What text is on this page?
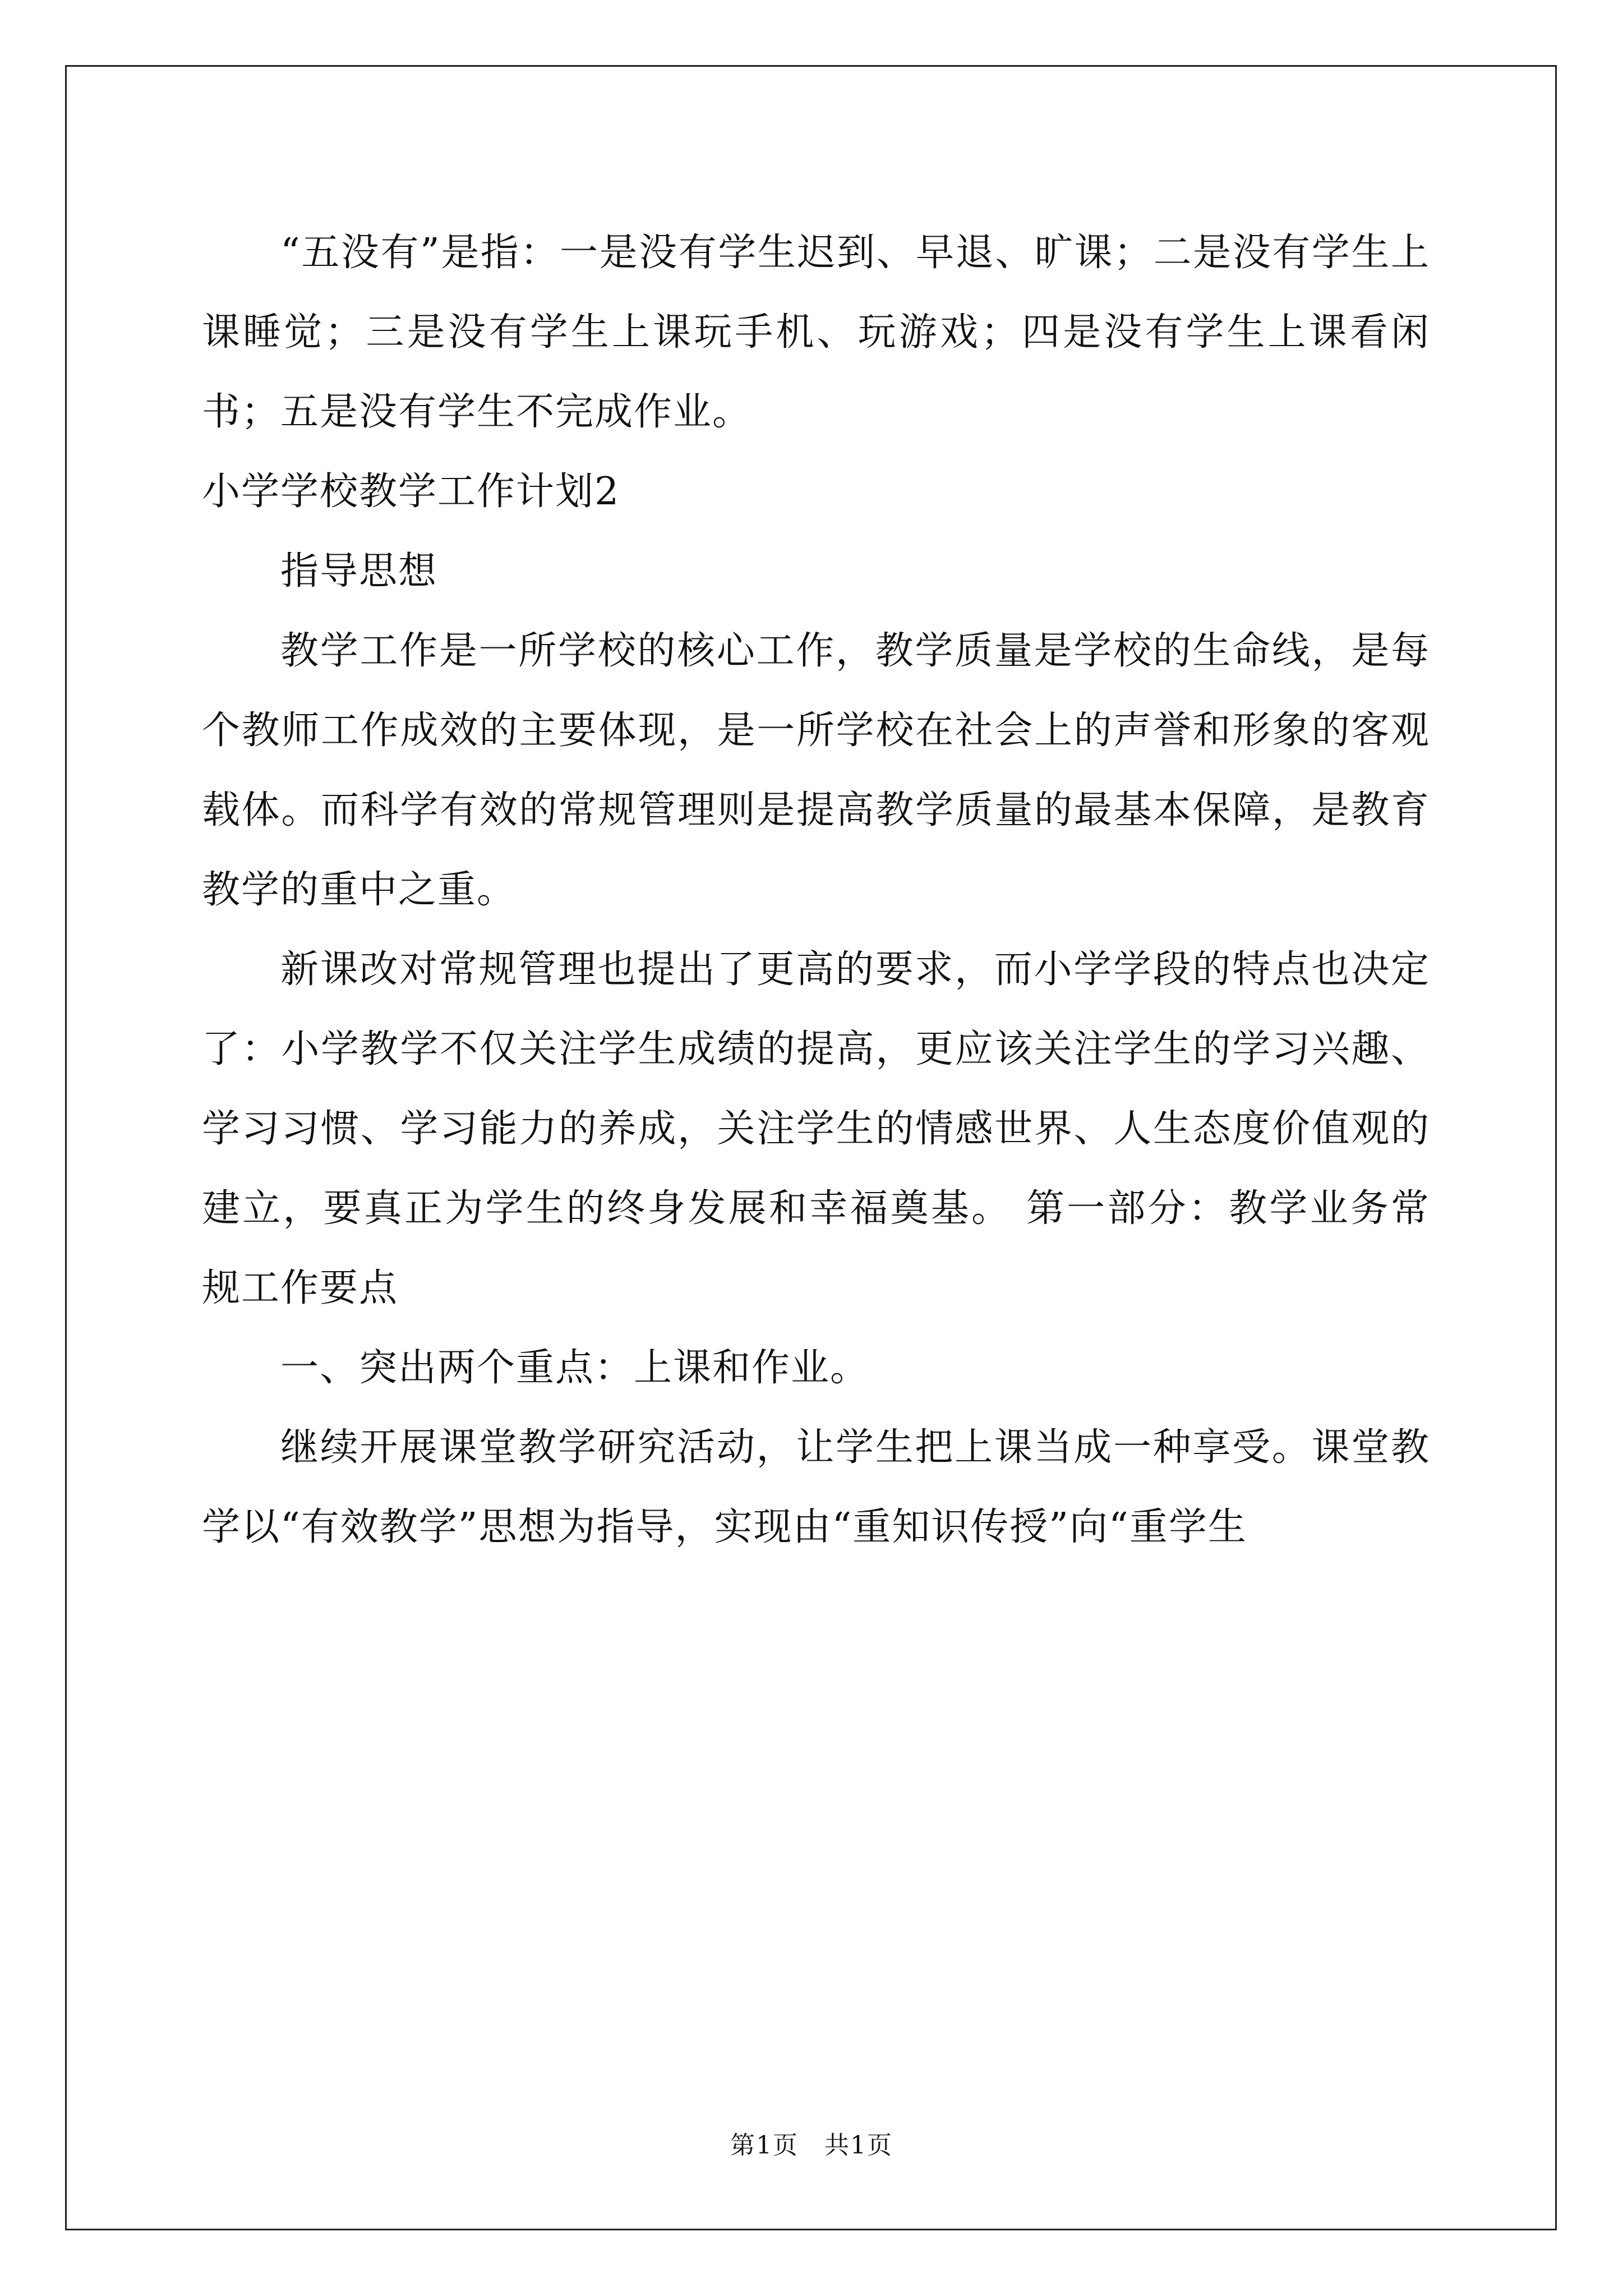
“五没有”是指：一是没有学生迟到、早退、旷课；二是没有学生上课睡觉；三是没有学生上课玩手机、玩游戏；四是没有学生上课看闲书；五是没有学生不完成作业。

小学学校教学工作计划2

指导思想

教学工作是一所学校的核心工作，教学质量是学校的生命线，是每个教师工作成效的主要体现，是一所学校在社会上的声誉和形象的客观载体。而科学有效的常规管理则是提高教学质量的最基本保障，是教育教学的重中之重。

新课改对常规管理也提出了更高的要求，而小学学段的特点也决定了：小学教学不仅关注学生成绩的提高，更应该关注学生的学习兴趣、学习习惯、学习能力的养成，关注学生的情感世界、人生态度价值观的建立，要真正为学生的终身发展和幸福奠基。 第一部分：教学业务常规工作要点

一、突出两个重点：上课和作业。

继续开展课堂教学研究活动，让学生把上课当成一种享受。课堂教学以“有效教学”思想为指导，实现由“重知识传授”向“重学生

第1页　共1页
